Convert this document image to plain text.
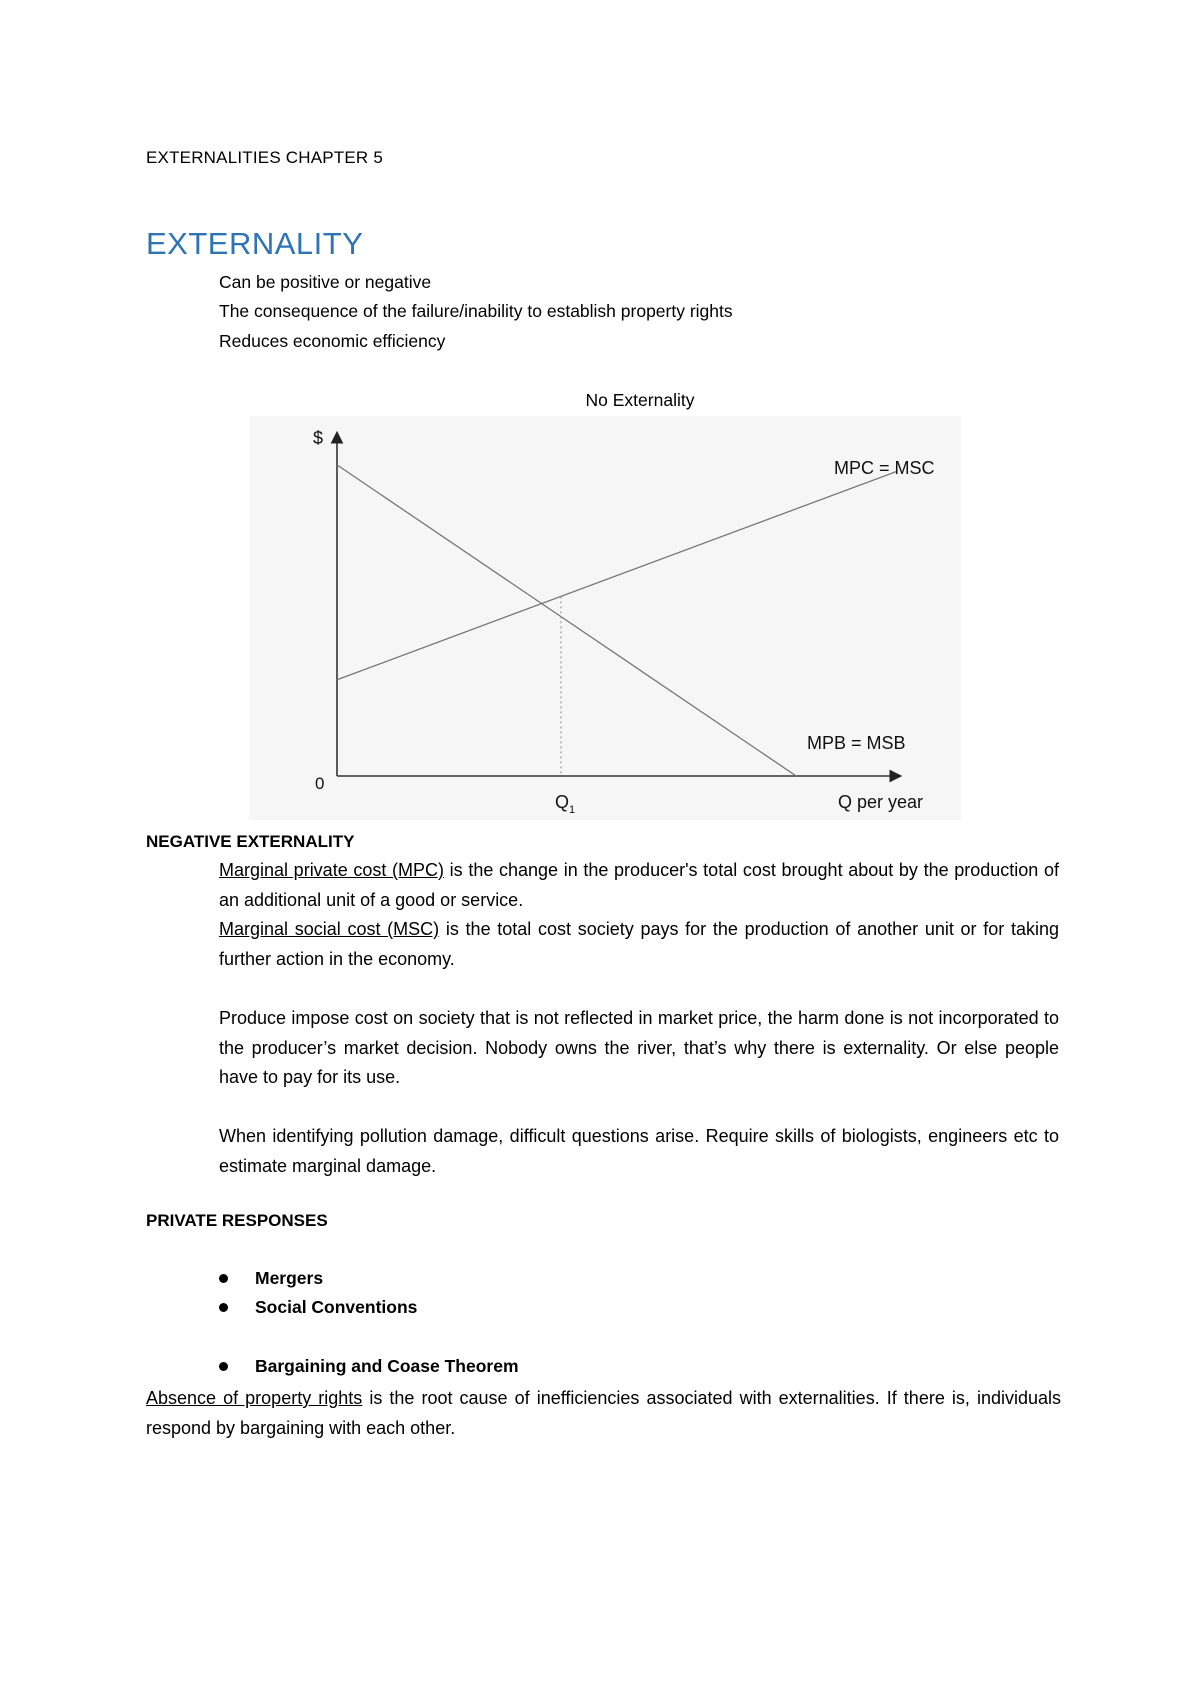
EXTERNALITIES CHAPTER 5
EXTERNALITY
Can be positive or negative
The consequence of the failure/inability to establish property rights
Reduces economic efficiency
No Externality
$
0
Q per year
$Q_1$
MPC = MSC
MPB = MSB
NEGATIVE EXTERNALITY
Marginal private cost (MPC) is the change in the producer's total cost brought about by the production of an additional unit of a good or service.
Marginal social cost (MSC) is the total cost society pays for the production of another unit or for taking further action in the economy.
Produce impose cost on society that is not reflected in market price, the harm done is not incorporated to the producer’s market decision. Nobody owns the river, that’s why there is externality. Or else people have to pay for its use.
When identifying pollution damage, difficult questions arise. Require skills of biologists, engineers etc to estimate marginal damage.
PRIVATE RESPONSES
Mergers
Social Conventions
Bargaining and Coase Theorem
Absence of property rights is the root cause of inefficiencies associated with externalities. If there is, individuals respond by bargaining with each other.
